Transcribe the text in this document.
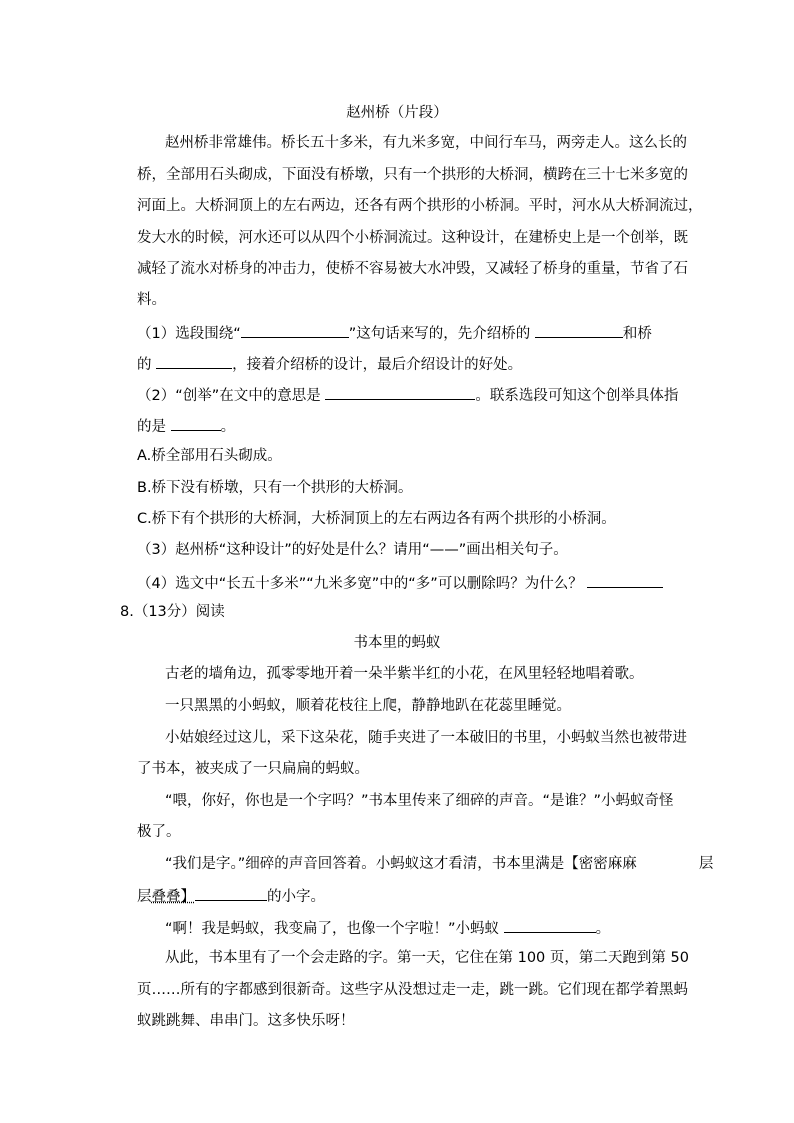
赵州桥（片段）
赵州桥非常雄伟。桥长五十多米，有九米多宽，中间行车马，两旁走人。这么长的
桥，全部用石头砌成，下面没有桥墩，只有一个拱形的大桥洞，横跨在三十七米多宽的
河面上。大桥洞顶上的左右两边，还各有两个拱形的小桥洞。平时，河水从大桥洞流过，
发大水的时候，河水还可以从四个小桥洞流过。这种设计，在建桥史上是一个创举，既
减轻了流水对桥身的冲击力，使桥不容易被大水冲毁，又减轻了桥身的重量，节省了石
料。
（1）选段围绕“	”这句话来写的，先介绍桥的	和桥
的	，接着介绍桥的设计，最后介绍设计的好处。
（2）“创举”在文中的意思是	。联系选段可知这个创举具体指
的是	。
A.桥全部用石头砌成。
B.桥下没有桥墩，只有一个拱形的大桥洞。
C.桥下有个拱形的大桥洞，大桥洞顶上的左右两边各有两个拱形的小桥洞。
（3）赵州桥“这种设计”的好处是什么？请用“——”画出相关句子。
（4）选文中“长五十多米”“九米多宽”中的“多”可以删除吗？为什么？
8.（13分）阅读
书本里的蚂蚁
古老的墙角边，孤零零地开着一朵半紫半红的小花，在风里轻轻地唱着歌。
一只黑黑的小蚂蚁，顺着花枝往上爬，静静地趴在花蕊里睡觉。
小姑娘经过这儿，采下这朵花，随手夹进了一本破旧的书里，小蚂蚁当然也被带进
了书本，被夹成了一只扁扁的蚂蚁。
“喂，你好，你也是一个字吗？”书本里传来了细碎的声音。“是谁？”小蚂蚁奇怪
极了。
“我们是字。”细碎的声音回答着。小蚂蚁这才看清，书本里满是【密密麻麻	层
层叠叠】	的小字。
“啊！我是蚂蚁，我变扁了，也像一个字啦！”小蚂蚁	。
从此，书本里有了一个会走路的字。第一天，它住在第 100 页，第二天跑到第 50
页……所有的字都感到很新奇。这些字从没想过走一走，跳一跳。它们现在都学着黑蚂
蚁跳跳舞、串串门。这多快乐呀！
